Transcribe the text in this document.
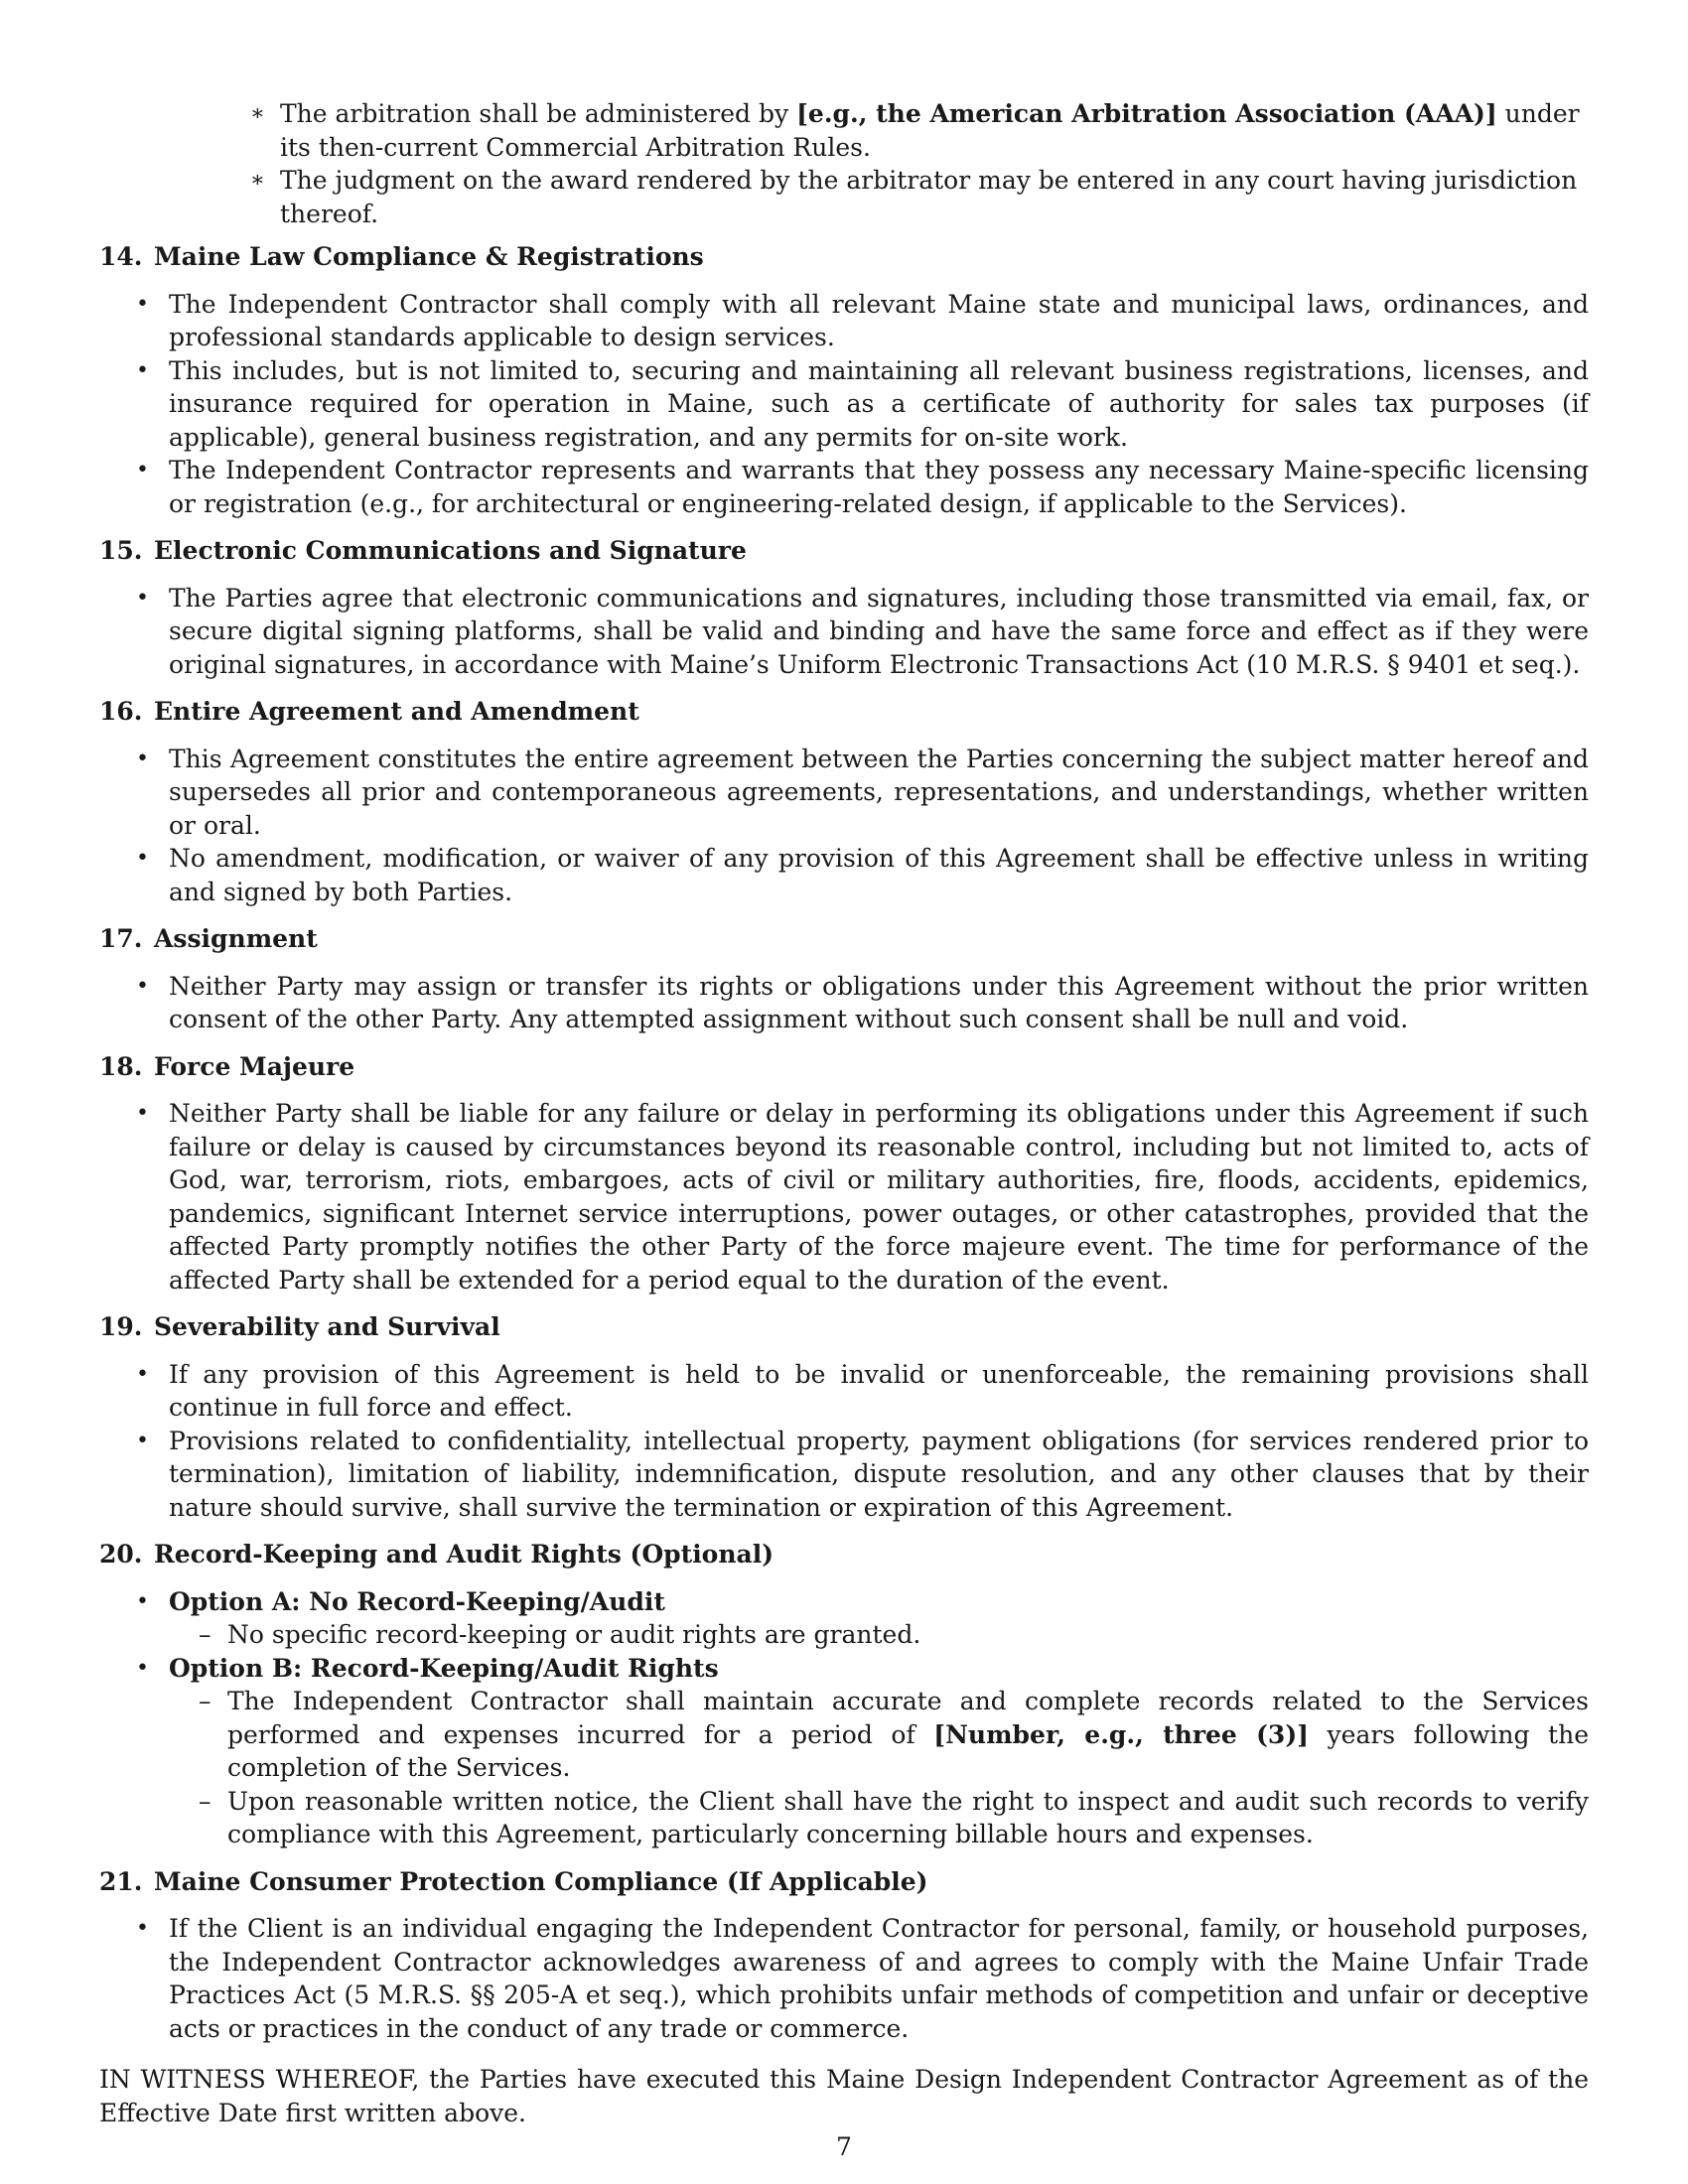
∗ The arbitration shall be administered by [e.g., the American Arbitration Association (AAA)] under its then-current Commercial Arbitration Rules.
∗ The judgment on the award rendered by the arbitrator may be entered in any court having jurisdiction thereof.
14. Maine Law Compliance & Registrations
• The Independent Contractor shall comply with all relevant Maine state and municipal laws, ordinances, and professional standards applicable to design services.
• This includes, but is not limited to, securing and maintaining all relevant business registrations, licenses, and insurance required for operation in Maine, such as a certificate of authority for sales tax purposes (if applicable), general business registration, and any permits for on-site work.
• The Independent Contractor represents and warrants that they possess any necessary Maine-specific licensing or registration (e.g., for architectural or engineering-related design, if applicable to the Services).
15. Electronic Communications and Signature
• The Parties agree that electronic communications and signatures, including those transmitted via email, fax, or secure digital signing platforms, shall be valid and binding and have the same force and effect as if they were original signatures, in accordance with Maine’s Uniform Electronic Transactions Act (10 M.R.S. § 9401 et seq.).
16. Entire Agreement and Amendment
• This Agreement constitutes the entire agreement between the Parties concerning the subject matter hereof and supersedes all prior and contemporaneous agreements, representations, and understandings, whether written or oral.
• No amendment, modification, or waiver of any provision of this Agreement shall be effective unless in writing and signed by both Parties.
17. Assignment
• Neither Party may assign or transfer its rights or obligations under this Agreement without the prior written consent of the other Party. Any attempted assignment without such consent shall be null and void.
18. Force Majeure
• Neither Party shall be liable for any failure or delay in performing its obligations under this Agreement if such failure or delay is caused by circumstances beyond its reasonable control, including but not limited to, acts of God, war, terrorism, riots, embargoes, acts of civil or military authorities, fire, floods, accidents, epidemics, pandemics, significant Internet service interruptions, power outages, or other catastrophes, provided that the affected Party promptly notifies the other Party of the force majeure event. The time for performance of the affected Party shall be extended for a period equal to the duration of the event.
19. Severability and Survival
• If any provision of this Agreement is held to be invalid or unenforceable, the remaining provisions shall continue in full force and effect.
• Provisions related to confidentiality, intellectual property, payment obligations (for services rendered prior to termination), limitation of liability, indemnification, dispute resolution, and any other clauses that by their nature should survive, shall survive the termination or expiration of this Agreement.
20. Record-Keeping and Audit Rights (Optional)
• Option A: No Record-Keeping/Audit
– No specific record-keeping or audit rights are granted.
• Option B: Record-Keeping/Audit Rights
– The Independent Contractor shall maintain accurate and complete records related to the Services performed and expenses incurred for a period of [Number, e.g., three (3)] years following the completion of the Services.
– Upon reasonable written notice, the Client shall have the right to inspect and audit such records to verify compliance with this Agreement, particularly concerning billable hours and expenses.
21. Maine Consumer Protection Compliance (If Applicable)
• If the Client is an individual engaging the Independent Contractor for personal, family, or household purposes, the Independent Contractor acknowledges awareness of and agrees to comply with the Maine Unfair Trade Practices Act (5 M.R.S. §§ 205-A et seq.), which prohibits unfair methods of competition and unfair or deceptive acts or practices in the conduct of any trade or commerce.
IN WITNESS WHEREOF, the Parties have executed this Maine Design Independent Contractor Agreement as of the Effective Date first written above.
7
